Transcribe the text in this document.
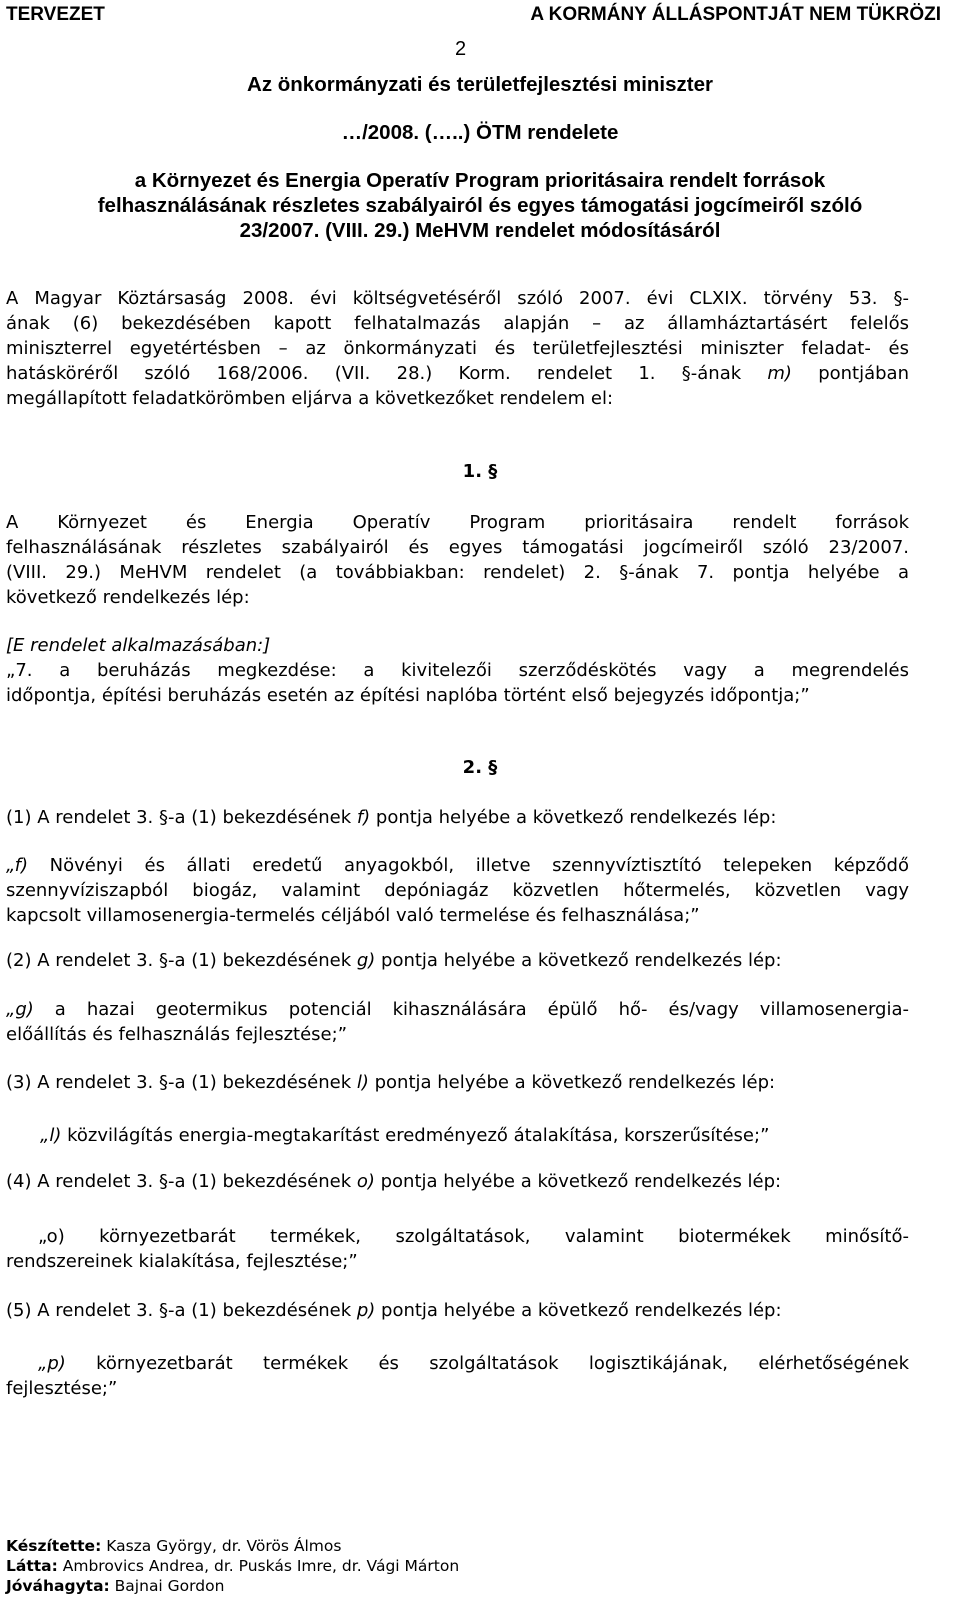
TERVEZET	A KORMÁNY ÁLLÁSPONTJÁT NEM TÜKRÖZI
2
Az önkormányzati és területfejlesztési miniszter
…/2008. (…..) ÖTM rendelete
a Környezet és Energia Operatív Program prioritásaira rendelt források
felhasználásának részletes szabályairól és egyes támogatási jogcímeiről szóló
23/2007. (VIII. 29.) MeHVM rendelet módosításáról
A Magyar Köztársaság 2008. évi költségvetéséről szóló 2007. évi CLXIX. törvény 53. §-
ának (6) bekezdésében kapott felhatalmazás alapján – az államháztartásért felelős
miniszterrel egyetértésben – az önkormányzati és területfejlesztési miniszter feladat- és
hatásköréről szóló 168/2006. (VII. 28.) Korm. rendelet 1. §-ának m) pontjában
megállapított feladatkörömben eljárva a következőket rendelem el:
1. §
A Környezet és Energia Operatív Program prioritásaira rendelt források
felhasználásának részletes szabályairól és egyes támogatási jogcímeiről szóló 23/2007.
(VIII. 29.) MeHVM rendelet (a továbbiakban: rendelet) 2. §-ának 7. pontja helyébe a
következő rendelkezés lép:
[E rendelet alkalmazásában:]
„7. a beruházás megkezdése: a kivitelezői szerződéskötés vagy a megrendelés
időpontja, építési beruházás esetén az építési naplóba történt első bejegyzés időpontja;”
2. §
(1) A rendelet 3. §-a (1) bekezdésének f) pontja helyébe a következő rendelkezés lép:
„f) Növényi és állati eredetű anyagokból, illetve szennyvíztisztító telepeken képződő
szennyvíziszapból biogáz, valamint depóniagáz közvetlen hőtermelés, közvetlen vagy
kapcsolt villamosenergia-termelés céljából való termelése és felhasználása;”
(2) A rendelet 3. §-a (1) bekezdésének g) pontja helyébe a következő rendelkezés lép:
„g) a hazai geotermikus potenciál kihasználására épülő hő- és/vagy villamosenergia-
előállítás és felhasználás fejlesztése;”
(3) A rendelet 3. §-a (1) bekezdésének l) pontja helyébe a következő rendelkezés lép:
„l) közvilágítás energia-megtakarítást eredményező átalakítása, korszerűsítése;”
(4) A rendelet 3. §-a (1) bekezdésének o) pontja helyébe a következő rendelkezés lép:
„o) környezetbarát termékek, szolgáltatások, valamint biotermékek minősítő-
rendszereinek kialakítása, fejlesztése;”
(5) A rendelet 3. §-a (1) bekezdésének p) pontja helyébe a következő rendelkezés lép:
„p) környezetbarát termékek és szolgáltatások logisztikájának, elérhetőségének
fejlesztése;”
Készítette: Kasza György, dr. Vörös Álmos
Látta: Ambrovics Andrea, dr. Puskás Imre, dr. Vági Márton
Jóváhagyta: Bajnai Gordon
